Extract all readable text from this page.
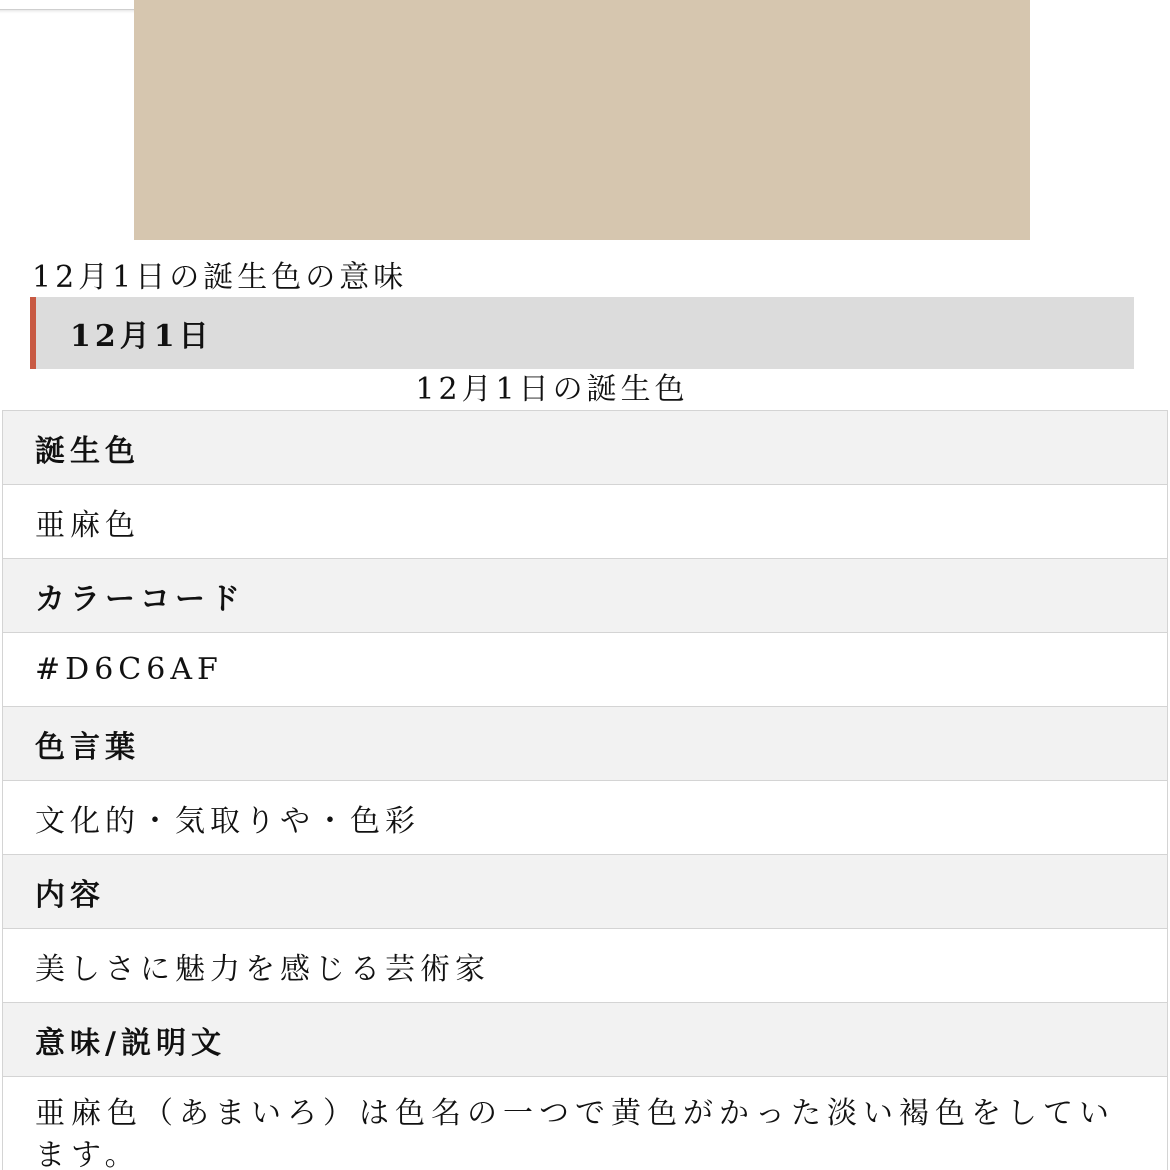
12月1日の誕生色の意味
12月1日
12月1日の誕生色
誕生色
亜麻色
カラーコード
#D6C6AF
色言葉
文化的・気取りや・色彩
内容
美しさに魅力を感じる芸術家
意味/説明文
亜麻色（あまいろ）は色名の一つで黄色がかった淡い褐色をしています。
